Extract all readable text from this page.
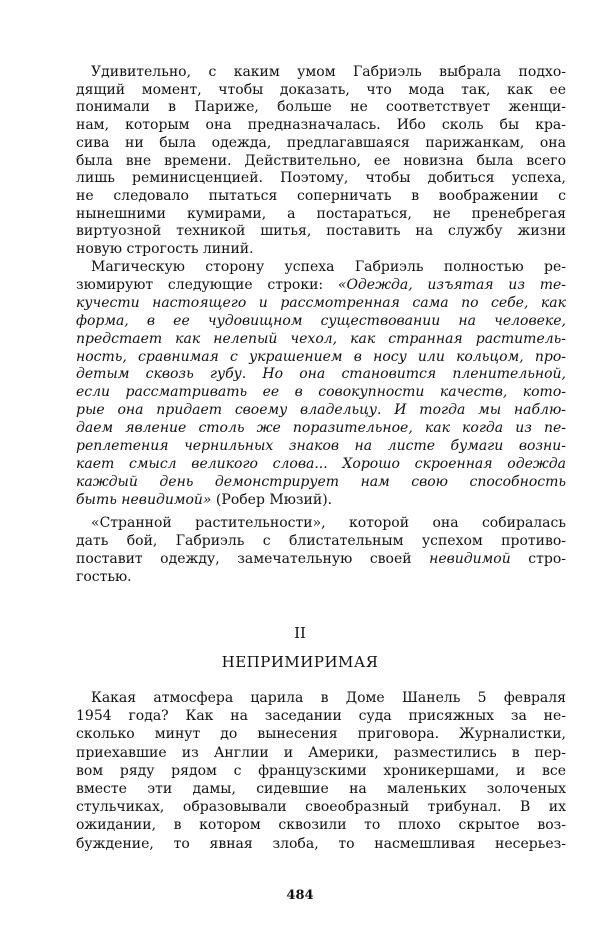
Удивительно, с каким умом Габриэль выбрала подхо-
дящий момент, чтобы доказать, что мода так, как ее
понимали в Париже, больше не соответствует женщи-
нам, которым она предназначалась. Ибо сколь бы кра-
сива ни была одежда, предлагавшаяся парижанкам, она
была вне времени. Действительно, ее новизна была всего
лишь реминисценцией. Поэтому, чтобы добиться успеха,
не следовало пытаться соперничать в воображении с
нынешними кумирами, а постараться, не пренебрегая
виртуозной техникой шитья, поставить на службу жизни
новую строгость линий.
Магическую сторону успеха Габриэль полностью ре-
зюмируют следующие строки: «Одежда, изъятая из те-
кучести настоящего и рассмотренная сама по себе, как
форма, в ее чудовищном существовании на человеке,
предстает как нелепый чехол, как странная раститель-
ность, сравнимая с украшением в носу или кольцом, про-
детым сквозь губу. Но она становится пленительной,
если рассматривать ее в совокупности качеств, кото-
рые она придает своему владельцу. И тогда мы наблю-
даем явление столь же поразительное, как когда из пе-
реплетения чернильных знаков на листе бумаги возни-
кает смысл великого слова... Хорошо скроенная одежда
каждый день демонстрирует нам свою способность
быть невидимой» (Робер Мюзий).
«Странной растительности», которой она собиралась
дать бой, Габриэль с блистательным успехом противо-
поставит одежду, замечательную своей невидимой стро-
гостью.
II
НЕПРИМИРИМАЯ
Какая атмосфера царила в Доме Шанель 5 февраля
1954 года? Как на заседании суда присяжных за не-
сколько минут до вынесения приговора. Журналистки,
приехавшие из Англии и Америки, разместились в пер-
вом ряду рядом с французскими хроникершами, и все
вместе эти дамы, сидевшие на маленьких золоченых
стульчиках, образовывали своеобразный трибунал. В их
ожидании, в котором сквозили то плохо скрытое воз-
буждение, то явная злоба, то насмешливая несерьез-
484
